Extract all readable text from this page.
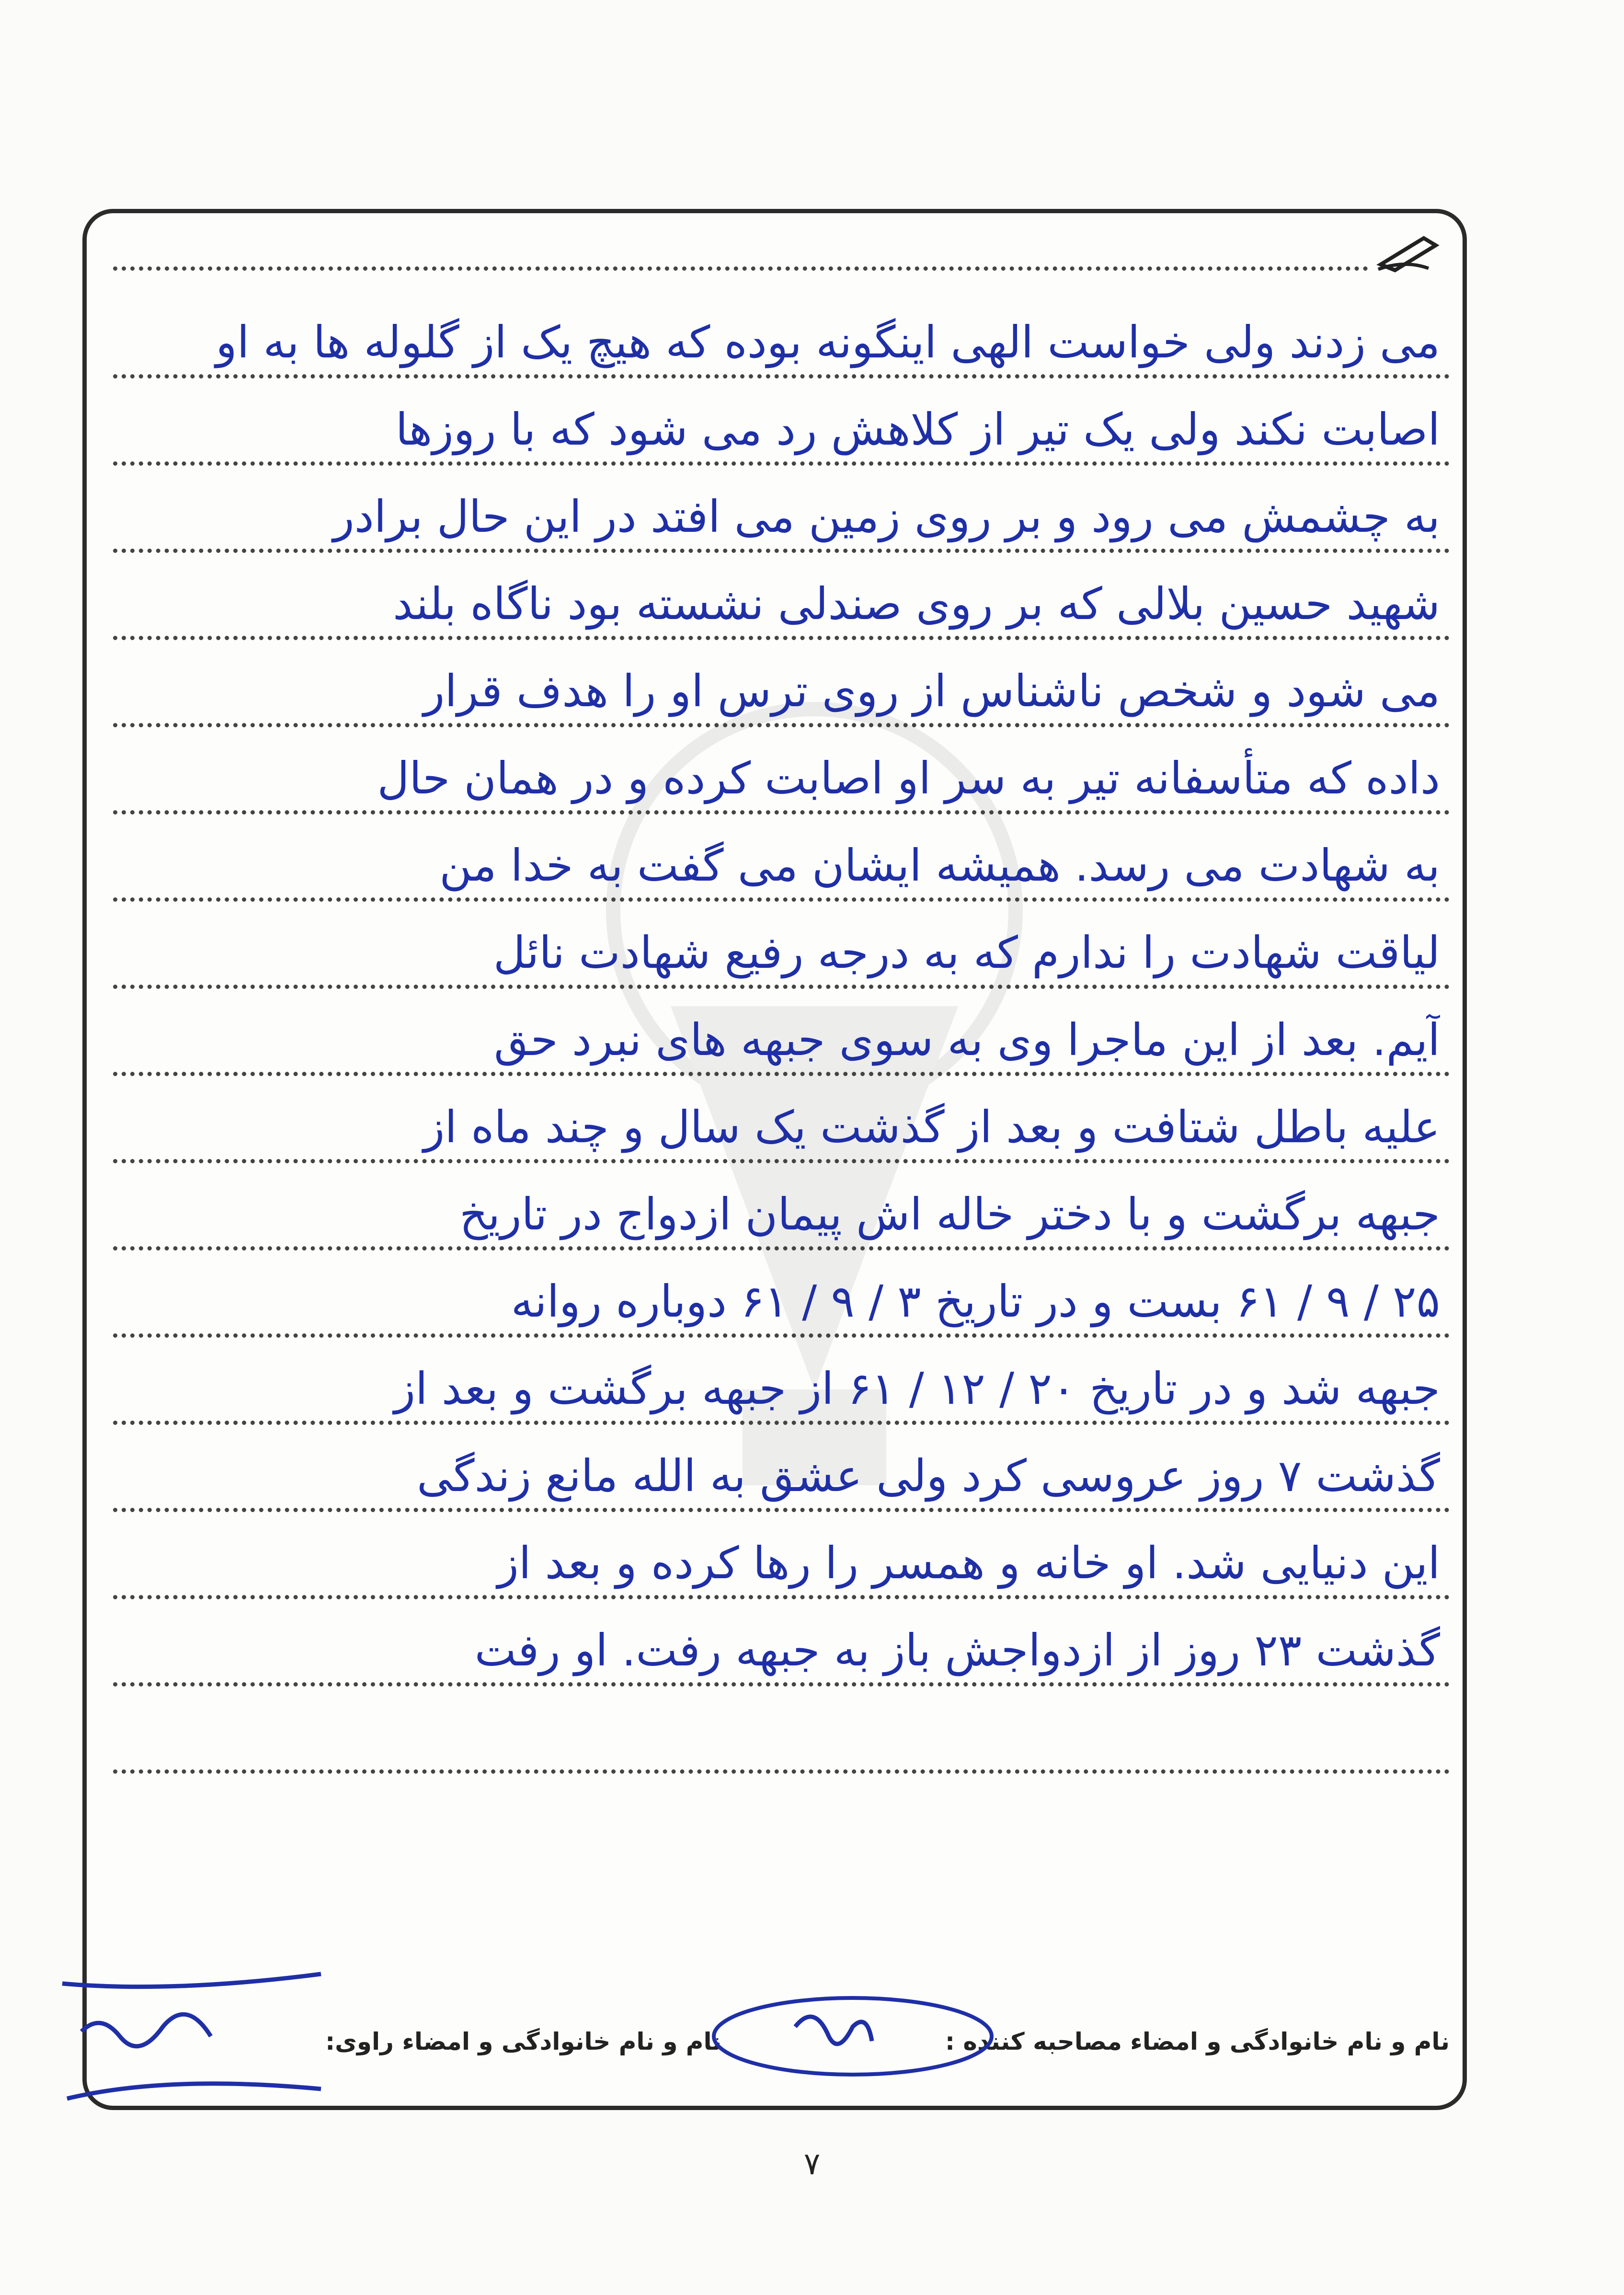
می زدند ولی خواست الهی اینگونه بوده که هیچ یک از گلوله ها به او
اصابت نکند ولی یک تیر از کلاهش رد می شود که با روزها
به چشمش می رود و بر روی زمین می افتد در این حال برادر
شهید حسین بلالی که بر روی صندلی نشسته بود ناگاه بلند
می شود و شخص ناشناس از روی ترس او را هدف قرار
داده که متأسفانه تیر به سر او اصابت کرده و در همان حال
به شهادت می رسد. همیشه ایشان می گفت به خدا من
لیاقت شهادت را ندارم که به درجه رفیع شهادت نائل
آیم. بعد از این ماجرا وی به سوی جبهه های نبرد حق
علیه باطل شتافت و بعد از گذشت یک سال و چند ماه از
جبهه برگشت و با دختر خاله اش پیمان ازدواج در تاریخ
۲۵ / ۹ / ۶۱ بست و در تاریخ ۳ / ۹ / ۶۱ دوباره روانه
جبهه شد و در تاریخ ۲۰ / ۱۲ / ۶۱ از جبهه برگشت و بعد از
گذشت ۷ روز عروسی کرد ولی عشق به الله مانع زندگی
این دنیایی شد. او خانه و همسر را رها کرده و بعد از
گذشت ۲۳ روز از ازدواجش باز به جبهه رفت. او رفت
نام و نام خانوادگی و امضاء مصاحبه کننده :
نام و نام خانوادگی و امضاء راوی:
۷
